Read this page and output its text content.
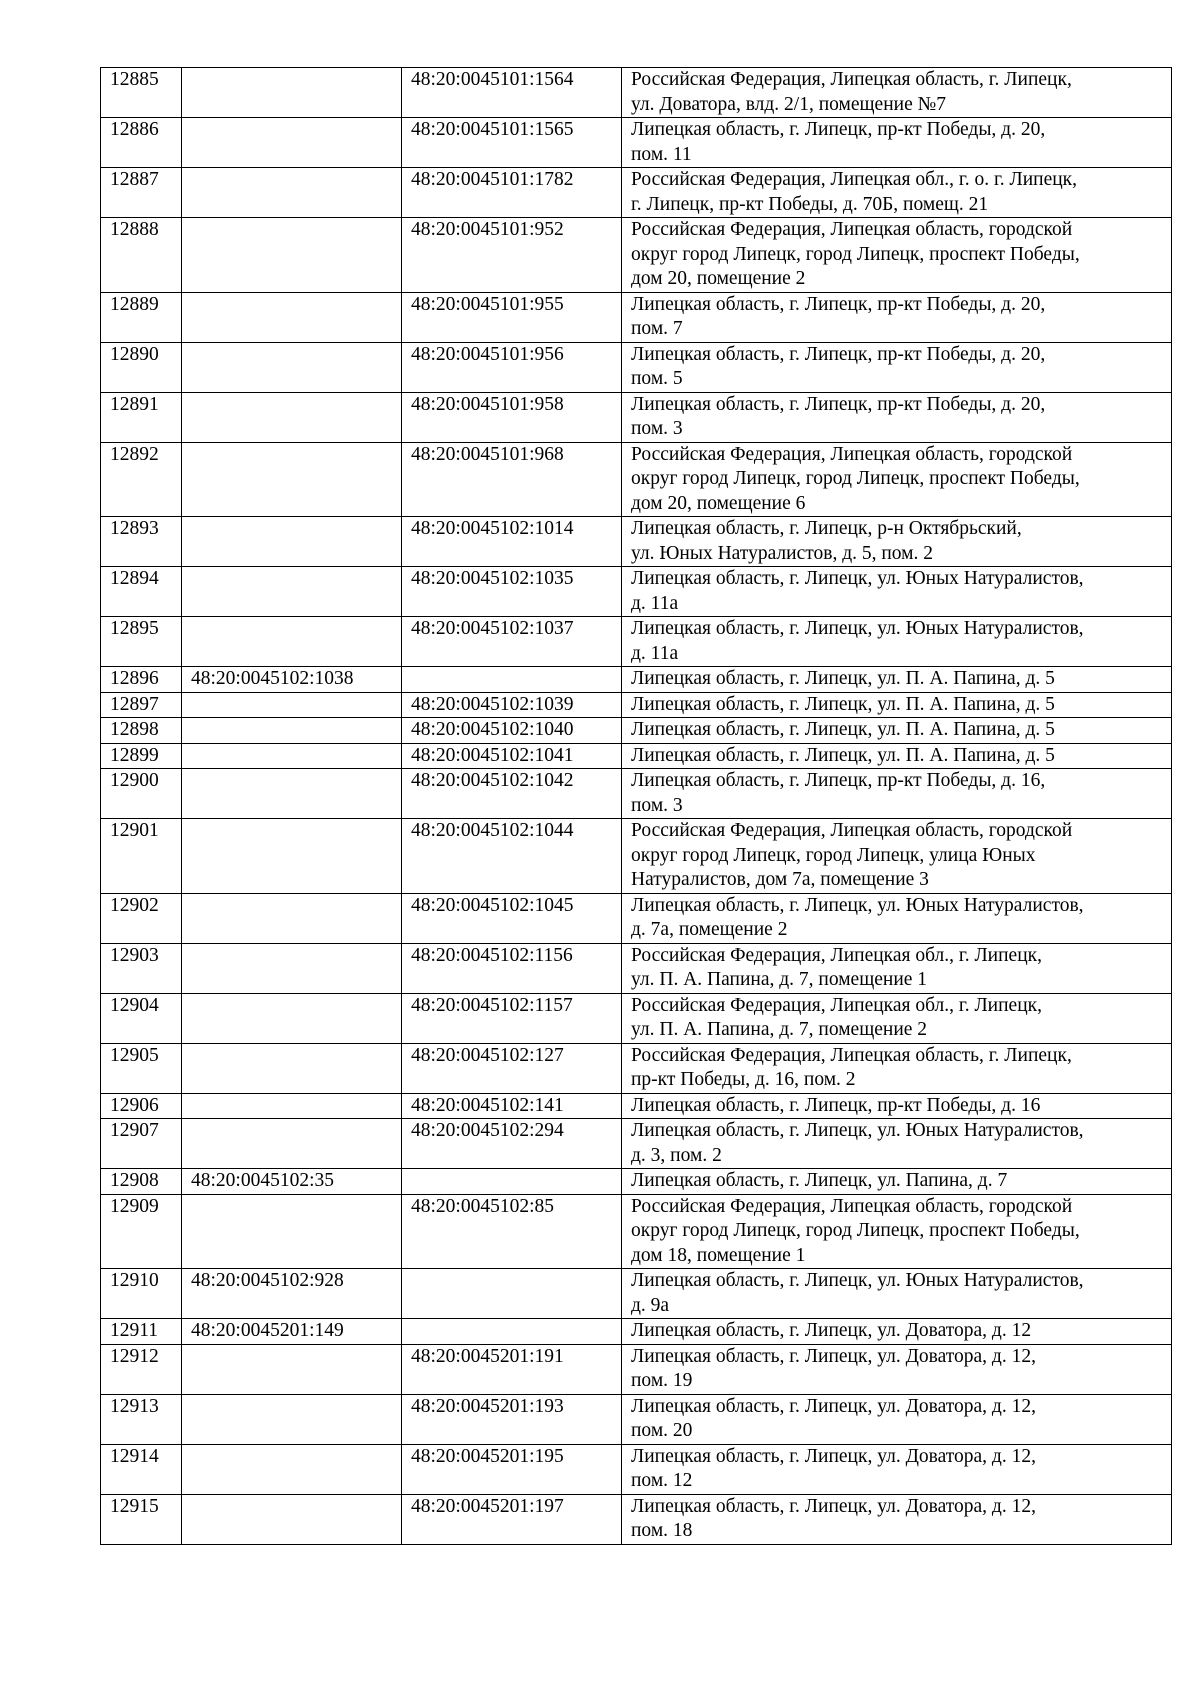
12885		48:20:0045101:1564	Российская Федерация, Липецкая область, г. Липецк,
ул. Доватора, влд. 2/1, помещение №7
12886		48:20:0045101:1565	Липецкая область, г. Липецк, пр-кт Победы, д. 20,
пом. 11
12887		48:20:0045101:1782	Российская Федерация, Липецкая обл., г. о. г. Липецк,
г. Липецк, пр-кт Победы, д. 70Б, помещ. 21
12888		48:20:0045101:952	Российская Федерация, Липецкая область, городской
округ город Липецк, город Липецк, проспект Победы,
дом 20, помещение 2
12889		48:20:0045101:955	Липецкая область, г. Липецк, пр-кт Победы, д. 20,
пом. 7
12890		48:20:0045101:956	Липецкая область, г. Липецк, пр-кт Победы, д. 20,
пом. 5
12891		48:20:0045101:958	Липецкая область, г. Липецк, пр-кт Победы, д. 20,
пом. 3
12892		48:20:0045101:968	Российская Федерация, Липецкая область, городской
округ город Липецк, город Липецк, проспект Победы,
дом 20, помещение 6
12893		48:20:0045102:1014	Липецкая область, г. Липецк, р-н Октябрьский,
ул. Юных Натуралистов, д. 5, пом. 2
12894		48:20:0045102:1035	Липецкая область, г. Липецк, ул. Юных Натуралистов,
д. 11а
12895		48:20:0045102:1037	Липецкая область, г. Липецк, ул. Юных Натуралистов,
д. 11а
12896	48:20:0045102:1038		Липецкая область, г. Липецк, ул. П. А. Папина, д. 5
12897		48:20:0045102:1039	Липецкая область, г. Липецк, ул. П. А. Папина, д. 5
12898		48:20:0045102:1040	Липецкая область, г. Липецк, ул. П. А. Папина, д. 5
12899		48:20:0045102:1041	Липецкая область, г. Липецк, ул. П. А. Папина, д. 5
12900		48:20:0045102:1042	Липецкая область, г. Липецк, пр-кт Победы, д. 16,
пом. 3
12901		48:20:0045102:1044	Российская Федерация, Липецкая область, городской
округ город Липецк, город Липецк, улица Юных
Натуралистов, дом 7а, помещение 3
12902		48:20:0045102:1045	Липецкая область, г. Липецк, ул. Юных Натуралистов,
д. 7а, помещение 2
12903		48:20:0045102:1156	Российская Федерация, Липецкая обл., г. Липецк,
ул. П. А. Папина, д. 7, помещение 1
12904		48:20:0045102:1157	Российская Федерация, Липецкая обл., г. Липецк,
ул. П. А. Папина, д. 7, помещение 2
12905		48:20:0045102:127	Российская Федерация, Липецкая область, г. Липецк,
пр-кт Победы, д. 16, пом. 2
12906		48:20:0045102:141	Липецкая область, г. Липецк, пр-кт Победы, д. 16
12907		48:20:0045102:294	Липецкая область, г. Липецк, ул. Юных Натуралистов,
д. 3, пом. 2
12908	48:20:0045102:35		Липецкая область, г. Липецк, ул. Папина, д. 7
12909		48:20:0045102:85	Российская Федерация, Липецкая область, городской
округ город Липецк, город Липецк, проспект Победы,
дом 18, помещение 1
12910	48:20:0045102:928		Липецкая область, г. Липецк, ул. Юных Натуралистов,
д. 9а
12911	48:20:0045201:149		Липецкая область, г. Липецк, ул. Доватора, д. 12
12912		48:20:0045201:191	Липецкая область, г. Липецк, ул. Доватора, д. 12,
пом. 19
12913		48:20:0045201:193	Липецкая область, г. Липецк, ул. Доватора, д. 12,
пом. 20
12914		48:20:0045201:195	Липецкая область, г. Липецк, ул. Доватора, д. 12,
пом. 12
12915		48:20:0045201:197	Липецкая область, г. Липецк, ул. Доватора, д. 12,
пом. 18
